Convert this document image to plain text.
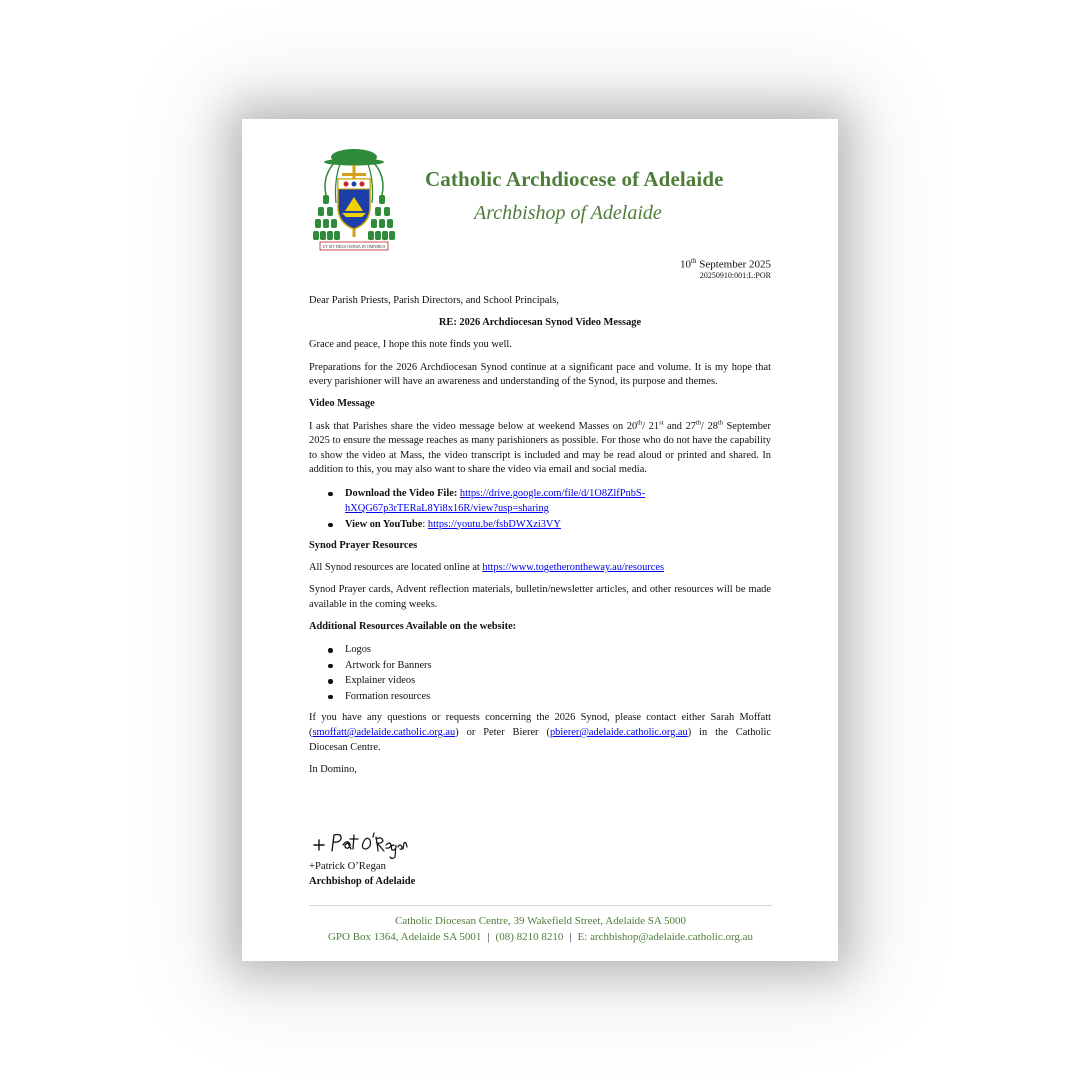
UT SIT DEUS OMNIA IN OMNIBUS
Catholic Archdiocese of Adelaide
Archbishop of Adelaide
10th September 2025
20250910:001:L:POR

Dear Parish Priests, Parish Directors, and School Principals,

RE: 2026 Archdiocesan Synod Video Message

Grace and peace, I hope this note finds you well.

Preparations for the 2026 Archdiocesan Synod continue at a significant pace and volume. It is my hope that every parishioner will have an awareness and understanding of the Synod, its purpose and themes.

Video Message

I ask that Parishes share the video message below at weekend Masses on 20th/ 21st and 27th/ 28th September 2025 to ensure the message reaches as many parishioners as possible. For those who do not have the capability to show the video at Mass, the video transcript is included and may be read aloud or printed and shared. In addition to this, you may also want to share the video via email and social media.

Download the Video File: https://drive.google.com/file/d/1O8ZlfPnbS-hXQG67p3rTERaL8Yi8x16R/view?usp=sharing
View on YouTube: https://youtu.be/fsbDWXzi3VY

Synod Prayer Resources

All Synod resources are located online at https://www.togetherontheway.au/resources

Synod Prayer cards, Advent reflection materials, bulletin/newsletter articles, and other resources will be made available in the coming weeks.

Additional Resources Available on the website:

Logos
Artwork for Banners
Explainer videos
Formation resources

If you have any questions or requests concerning the 2026 Synod, please contact either Sarah Moffatt (smoffatt@adelaide.catholic.org.au) or Peter Bierer (pbierer@adelaide.catholic.org.au) in the Catholic Diocesan Centre.

In Domino,

+Patrick O’Regan
Archbishop of Adelaide
Catholic Diocesan Centre, 39 Wakefield Street, Adelaide SA 5000
GPO Box 1364, Adelaide SA 5001 | (08) 8210 8210 | E: archbishop@adelaide.catholic.org.au
